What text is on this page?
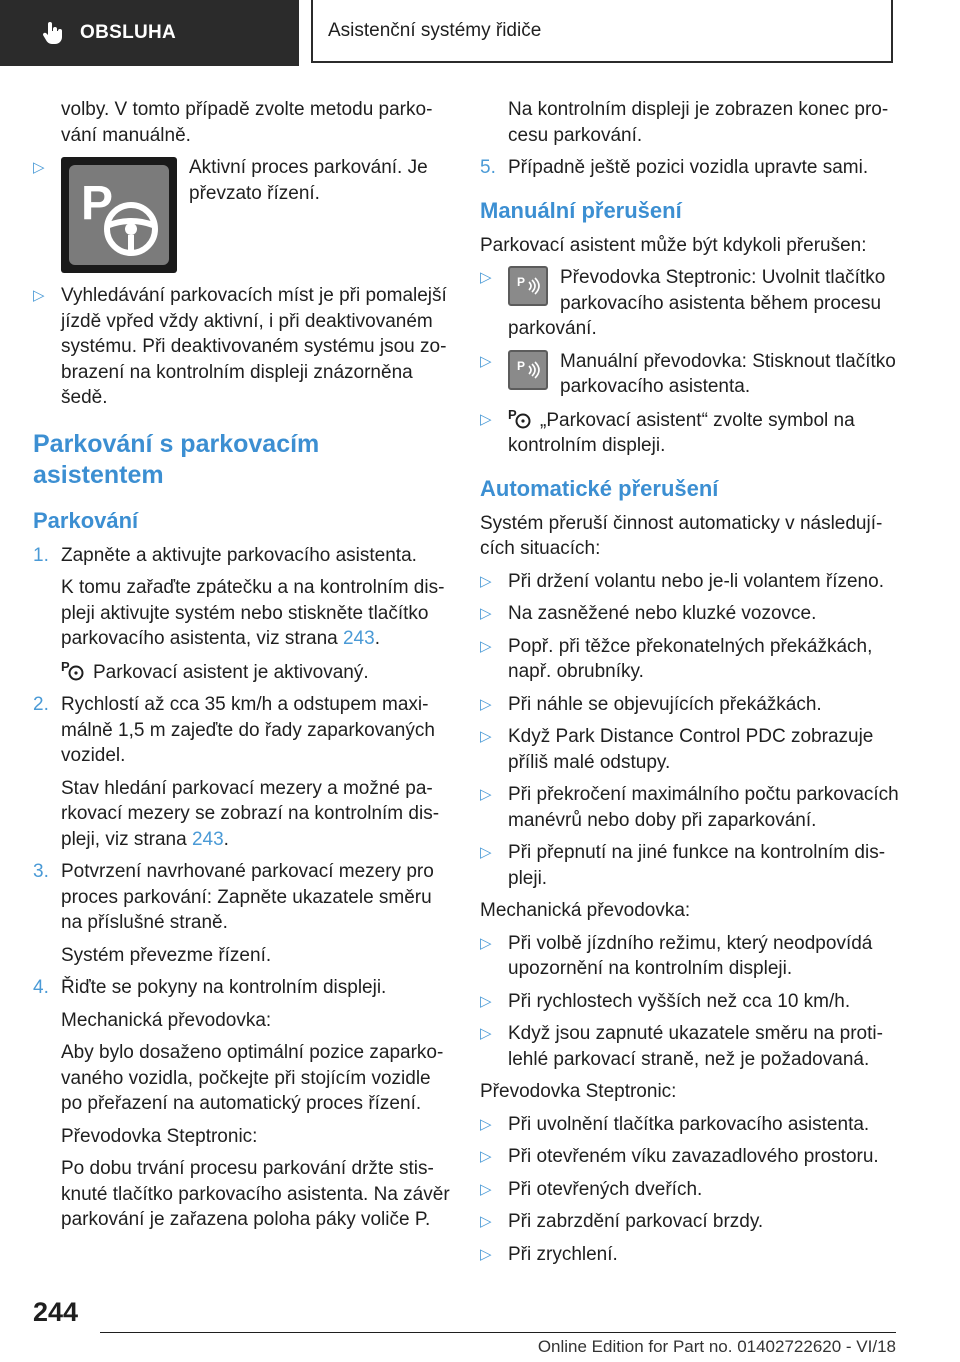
OBSLUHA	Asistenční systémy řidiče

volby. V tomto případě zvolte metodu parko-vání manuálně.

▷
P
Aktivní proces parkování. Je převzato řízení.
▷ Vyhledávání parkovacích míst je při pomalejší jízdě vpřed vždy aktivní, i při deaktivovaném systému. Při deaktivovaném systému jsou zo-brazení na kontrolním displeji znázorněna šedě.
Parkování s parkovacím asistentem
Parkování
1. Zapněte a aktivujte parkovacího asistenta.

K tomu zařaďte zpátečku a na kontrolním dis-pleji aktivujte systém nebo stiskněte tlačítko parkovacího asistenta, viz strana 243.

P Parkovací asistent je aktivovaný.

2. Rychlostí až cca 35 km/h a odstupem maxi-málně 1,5 m zajeďte do řady zaparkovaných vozidel.

Stav hledání parkovací mezery a možné pa-rkovací mezery se zobrazí na kontrolním dis-pleji, viz strana 243.

3. Potvrzení navrhované parkovací mezery pro proces parkování: Zapněte ukazatele směru na příslušné straně.

Systém převezme řízení.

4. Řiďte se pokyny na kontrolním displeji.

Mechanická převodovka:

Aby bylo dosaženo optimální pozice zaparko-vaného vozidla, počkejte při stojícím vozidle po přeřazení na automatický proces řízení.

Převodovka Steptronic:

Po dobu trvání procesu parkování držte stis-knuté tlačítko parkovacího asistenta. Na závěr parkování je zařazena poloha páky voliče P.

Na kontrolním displeji je zobrazen konec pro-cesu parkování.

5. Případně ještě pozici vozidla upravte sami.

Manuální přerušení

Parkovací asistent může být kdykoli přerušen:

▷ P Převodovka Steptronic: Uvolnit tlačítko parkovacího asistenta během procesu parkování.
▷ P Manuální převodovka: Stisknout tlačítko parkovacího asistenta.
▷ P „Parkovací asistent“ zvolte symbol na kontrolním displeji.
Automatické přerušení

Systém přeruší činnost automaticky v následují-cích situacích:

▷ Při držení volantu nebo je-li volantem řízeno.
▷ Na zasněžené nebo kluzké vozovce.
▷ Popř. při těžce překonatelných překážkách, např. obrubníky.
▷ Při náhle se objevujících překážkách.
▷ Když Park Distance Control PDC zobrazuje příliš malé odstupy.
▷ Při překročení maximálního počtu parkovacích manévrů nebo doby při zaparkování.
▷ Při přepnutí na jiné funkce na kontrolním dis-pleji.

Mechanická převodovka:

▷ Při volbě jízdního režimu, který neodpovídá upozornění na kontrolním displeji.
▷ Při rychlostech vyšších než cca 10 km/h.
▷ Když jsou zapnuté ukazatele směru na proti-lehlé parkovací straně, než je požadovaná.

Převodovka Steptronic:

▷ Při uvolnění tlačítka parkovacího asistenta.
▷ Při otevřeném víku zavazadlového prostoru.
▷ Při otevřených dveřích.
▷ Při zabrzdění parkovací brzdy.
▷ Při zrychlení.
244
Online Edition for Part no. 01402722620 - VI/18
